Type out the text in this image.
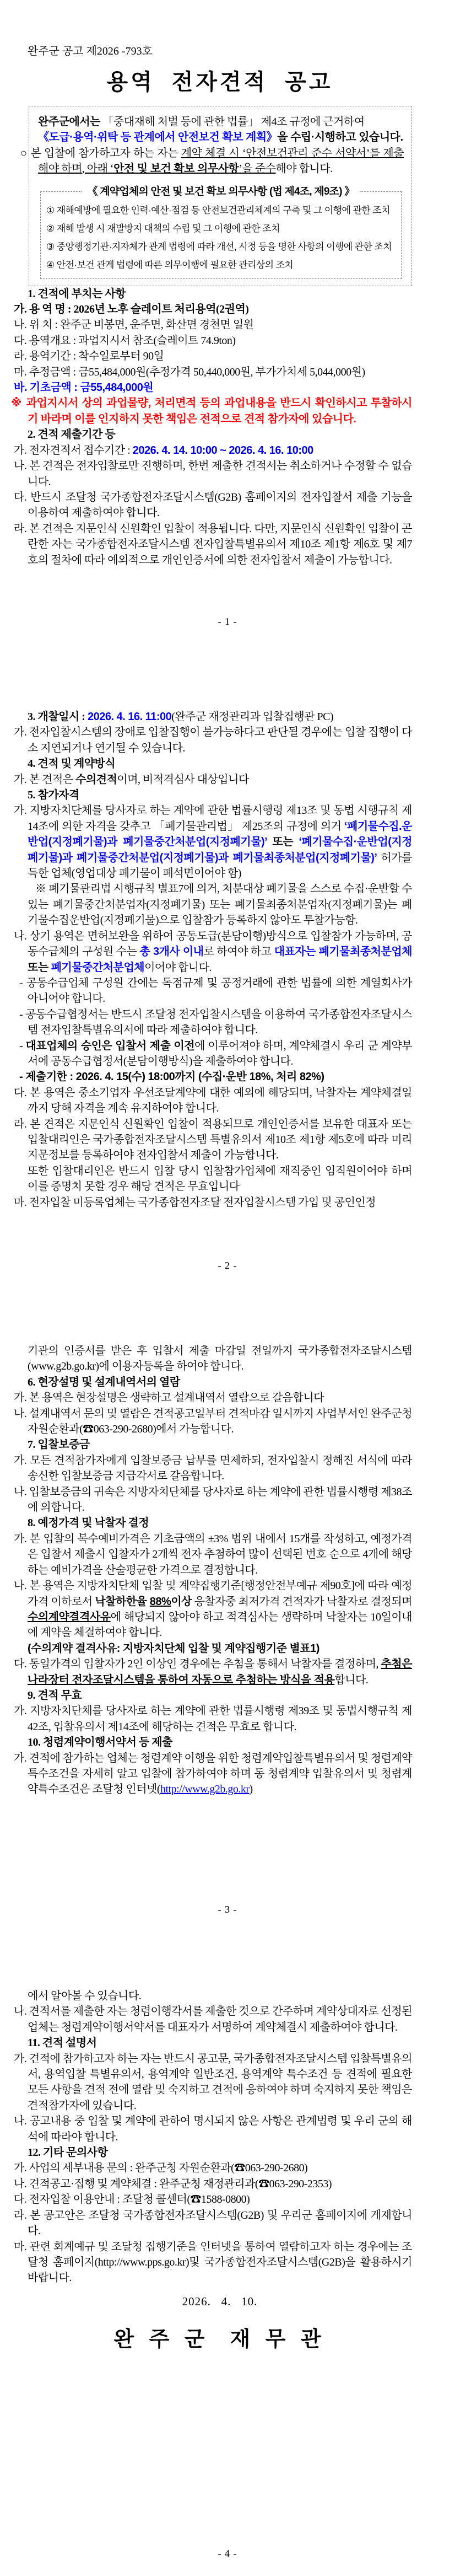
완주군 공고 제2026 -793호

용역 전자견적 공고

완주군에서는 「중대재해 처벌 등에 관한 법률」 제4조 규정에 근거하여

《도급·용역·위탁 등 관계에서 안전보건 확보 계획》을 수립·시행하고 있습니다.

○ 본 입찰에 참가하고자 하는 자는 계약 체결 시 ‘안전보건관리 준수 서약서’를 제출해야 하며, 아래 ‘안전 및 보건 확보 의무사항’을 준수해야 합니다.

《 계약업체의 안전 및 보건 확보 의무사항 (법 제4조, 제9조) 》

① 재해예방에 필요한 인력·예산·점검 등 안전보건관리체계의 구축 및 그 이행에 관한 조치

② 재해 발생 시 재발방지 대책의 수립 및 그 이행에 관한 조치

③ 중앙행정기관·지자체가 관계 법령에 따라 개선, 시정 등을 명한 사항의 이행에 관한 조치

④ 안전·보건 관계 법령에 따른 의무이행에 필요한 관리상의 조치

1. 견적에 부치는 사항

가. 용 역 명 : 2026년 노후 슬레이트 처리용역(2권역)

나. 위 치 : 완주군 비봉면, 운주면, 화산면 경천면 일원

다. 용역개요 : 과업지시서 참조(슬레이트 74.9ton)

라. 용역기간 : 착수일로부터 90일

마. 추정금액 : 금55,484,000원(추정가격 50,440,000원, 부가가치세 5,044,000원)

바. 기초금액 : 금55,484,000원

※ 과업지시서 상의 과업물량, 처리면적 등의 과업내용을 반드시 확인하시고 투찰하시기 바라며 이를 인지하지 못한 책임은 전적으로 견적 참가자에 있습니다.

2. 견적 제출기간 등

가. 전자견적서 접수기간 : 2026. 4. 14. 10:00 ~ 2026. 4. 16. 10:00

나. 본 견적은 전자입찰로만 진행하며, 한번 제출한 견적서는 취소하거나 수정할 수 없습니다.

다. 반드시 조달청 국가종합전자조달시스템(G2B) 홈페이지의 전자입찰서 제출 기능을 이용하여 제출하여야 합니다.

라. 본 견적은 지문인식 신원확인 입찰이 적용됩니다. 다만, 지문인식 신원확인 입찰이 곤란한 자는 국가종합전자조달시스템 전자입찰특별유의서 제10조 제1항 제6호 및 제7호의 절차에 따라 예외적으로 개인인증서에 의한 전자입찰서 제출이 가능합니다.

- 1 -

3. 개찰일시 : 2026. 4. 16. 11:00(완주군 재정관리과 입찰집행관 PC)

가. 전자입찰시스템의 장애로 입찰집행이 불가능하다고 판단될 경우에는 입찰 집행이 다소 지연되거나 연기될 수 있습니다.

4. 견적 및 계약방식

가. 본 견적은 수의견적이며, 비적격심사 대상입니다

5. 참가자격

가. 지방자치단체를 당사자로 하는 계약에 관한 법률시행령 제13조 및 동법 시행규칙 제14조에 의한 자격을 갖추고 「폐기물관리법」 제25조의 규정에 의거 ‘폐기물수집.운반업(지정폐기물)과 폐기물중간처분업(지정폐기물)’ 또는 ‘폐기물수집·운반업(지정폐기물)과 폐기물중간처분업(지정폐기물)과 폐기물최종처분업(지정폐기물)’ 허가를 득한 업체(영업대상 폐기물이 폐석면이어야 함)

※ 폐기물관리법 시행규칙 별표7에 의거, 처분대상 폐기물을 스스로 수집·운반할 수 있는 폐기물중간처분업자(지정폐기물) 또는 폐기물최종처분업자(지정폐기물)는 폐기물수집운반업(지정폐기물)으로 입찰참가 등록하지 않아도 투찰가능함.

나. 상기 용역은 면허보완을 위하여 공동도급(분담이행)방식으로 입찰참가 가능하며, 공동수급체의 구성원 수는 총 3개사 이내로 하여야 하고 대표자는 폐기물최종처분업체 또는 폐기물중간처분업체이어야 합니다.

- 공동수급업체 구성원 간에는 독점규제 및 공정거래에 관한 법률에 의한 계열회사가 아니어야 합니다.

- 공동수급협정서는 반드시 조달청 전자입찰시스템을 이용하여 국가종합전자조달시스템 전자입찰특별유의서에 따라 제출하여야 합니다.

- 대표업체의 승인은 입찰서 제출 이전에 이루어져야 하며, 계약체결시 우리 군 계약부서에 공동수급협정서(분담이행방식)을 제출하여야 합니다.

- 제출기한 : 2026. 4. 15(수) 18:00까지 (수집·운반 18%, 처리 82%)

다. 본 용역은 중소기업자 우선조달계약에 대한 예외에 해당되며, 낙찰자는 계약체결일까지 당해 자격을 계속 유지하여야 합니다.

라. 본 견적은 지문인식 신원확인 입찰이 적용되므로 개인인증서를 보유한 대표자 또는 입찰대리인은 국가종합전자조달시스템 특별유의서 제10조 제1항 제5호에 따라 미리 지문정보를 등록하여야 전자입찰서 제출이 가능합니다.

또한 입찰대리인은 반드시 입찰 당시 입찰참가업체에 재직중인 임직원이어야 하며 이를 증명치 못할 경우 해당 견적은 무효입니다

마. 전자입찰 미등록업체는 국가종합전자조달 전자입찰시스템 가입 및 공인인정

- 2 -

기관의 인증서를 받은 후 입찰서 제출 마감일 전일까지 국가종합전자조달시스템(www.g2b.go.kr)에 이용자등록을 하여야 합니다.

6. 현장설명 및 설계내역서의 열람

가. 본 용역은 현장설명은 생략하고 설계내역서 열람으로 갈음합니다

나. 설계내역서 문의 및 열람은 견적공고일부터 견적마감 일시까지 사업부서인 완주군청 자원순환과(☎063-290-2680)에서 가능합니다.

7. 입찰보증금

가. 모든 견적참가자에게 입찰보증금 납부를 면제하되, 전자입찰시 정해진 서식에 따라 송신한 입찰보증금 지급각서로 갈음합니다.

나. 입찰보증금의 귀속은 지방자치단체를 당사자로 하는 계약에 관한 법률시행령 제38조에 의합니다.

8. 예정가격 및 낙찰자 결정

가. 본 입찰의 복수예비가격은 기초금액의 ±3% 범위 내에서 15개를 작성하고, 예정가격은 입찰서 제출시 입찰자가 2개씩 전자 추첨하여 많이 선택된 번호 순으로 4개에 해당하는 예비가격을 산술평균한 가격으로 결정합니다.

나. 본 용역은 지방자치단체 입찰 및 계약집행기준[행정안전부예규 제90호]에 따라 예정가격 이하로서 낙찰하한율 88%이상 응찰자중 최저가격 견적자가 낙찰자로 결정되며 수의계약결격사유에 해당되지 않아야 하고 적격심사는 생략하며 낙찰자는 10일이내에 계약을 체결하여야 합니다.

(수의계약 결격사유: 지방자치단체 입찰 및 계약집행기준 별표1)

다. 동일가격의 입찰자가 2인 이상인 경우에는 추첨을 통해서 낙찰자를 결정하며, 추첨은 나라장터 전자조달시스템을 통하여 자동으로 추첨하는 방식을 적용합니다.

9. 견적 무효

가. 지방자치단체를 당사자로 하는 계약에 관한 법률시행령 제39조 및 동법시행규칙 제42조, 입찰유의서 제14조에 해당하는 견적은 무효로 합니다.

10. 청렴계약이행서약서 등 제출

가. 견적에 참가하는 업체는 청렴계약 이행을 위한 청렴계약입찰특별유의서 및 청렴계약특수조건을 자세히 알고 입찰에 참가하여야 하며 동 청렴계약 입찰유의서 및 청렴계약특수조건은 조달청 인터넷(http://www.g2b.go.kr)

- 3 -

에서 알아볼 수 있습니다.

나. 견적서를 제출한 자는 청렴이행각서를 제출한 것으로 간주하며 계약상대자로 선정된 업체는 청렴계약이행서약서를 대표자가 서명하여 계약체결시 제출하여야 합니다.

11. 견적 설명서

가. 견적에 참가하고자 하는 자는 반드시 공고문, 국가종합전자조달시스템 입찰특별유의서, 용역입찰 특별유의서, 용역계약 일반조건, 용역계약 특수조건 등 견적에 필요한 모든 사항을 견적 전에 열람 및 숙지하고 견적에 응하여야 하며 숙지하지 못한 책임은 견적참가자에 있습니다.

나. 공고내용 중 입찰 및 계약에 관하여 명시되지 않은 사항은 관계법령 및 우리 군의 해석에 따라야 합니다.

12. 기타 문의사항

가. 사업의 세부내용 문의 : 완주군청 자원순환과(☎063-290-2680)

나. 견적공고·집행 및 계약체결 : 완주군청 재정관리과(☎063-290-2353)

다. 전자입찰 이용안내 : 조달청 콜센터(☎1588-0800)

라. 본 공고안은 조달청 국가종합전자조달시스템(G2B) 및 우리군 홈페이지에 게재합니다.

마. 관련 회계예규 및 조달청 집행기준을 인터넷을 통하여 열람하고자 하는 경우에는 조달청 홈페이지(http://www.pps.go.kr)및 국가종합전자조달시스템(G2B)을 활용하시기 바랍니다.

2026.   4.   10.

완 주 군  재 무 관

- 4 -
